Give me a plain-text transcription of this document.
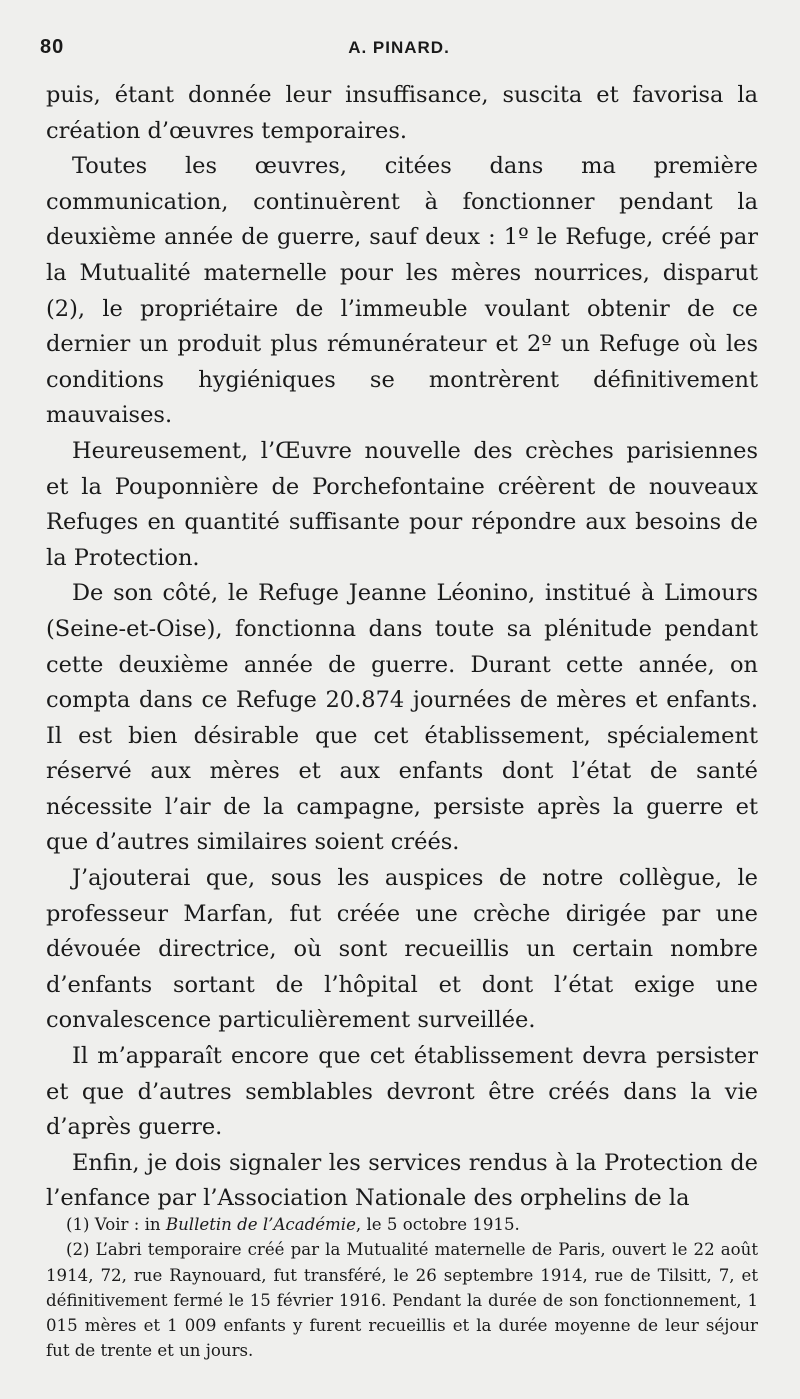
80	A. PINARD.

puis, étant donnée leur insuffisance, suscita et favorisa la création d’œuvres temporaires.

Toutes les œuvres, citées dans ma première communication, continuèrent à fonctionner pendant la deuxième année de guerre, sauf deux : 1º le Refuge, créé par la Mutualité maternelle pour les mères nourrices, disparut (2), le propriétaire de l’immeuble voulant obtenir de ce dernier un produit plus rémunérateur et 2º un Refuge où les conditions hygiéniques se montrèrent définitivement mauvaises.

Heureusement, l’Œuvre nouvelle des crèches parisiennes et la Pouponnière de Porchefontaine créèrent de nouveaux Refuges en quantité suffisante pour répondre aux besoins de la Protection.

De son côté, le Refuge Jeanne Léonino, institué à Limours (Seine-et-Oise), fonctionna dans toute sa plénitude pendant cette deuxième année de guerre. Durant cette année, on compta dans ce Refuge 20.874 journées de mères et enfants. Il est bien désirable que cet établissement, spécialement réservé aux mères et aux enfants dont l’état de santé nécessite l’air de la campagne, persiste après la guerre et que d’autres similaires soient créés.

J’ajouterai que, sous les auspices de notre collègue, le professeur Marfan, fut créée une crèche dirigée par une dévouée directrice, où sont recueillis un certain nombre d’enfants sortant de l’hôpital et dont l’état exige une convalescence particulièrement surveillée.

Il m’apparaît encore que cet établissement devra persister et que d’autres semblables devront être créés dans la vie d’après guerre.

Enfin, je dois signaler les services rendus à la Protection de l’enfance par l’Association Nationale des orphelins de la

(1) Voir : in Bulletin de l’Académie, le 5 octobre 1915.

(2) L’abri temporaire créé par la Mutualité maternelle de Paris, ouvert le 22 août 1914, 72, rue Raynouard, fut transféré, le 26 septembre 1914, rue de Tilsitt, 7, et définitivement fermé le 15 février 1916. Pendant la durée de son fonctionnement, 1 015 mères et 1 009 enfants y furent recueillis et la durée moyenne de leur séjour fut de trente et un jours.
